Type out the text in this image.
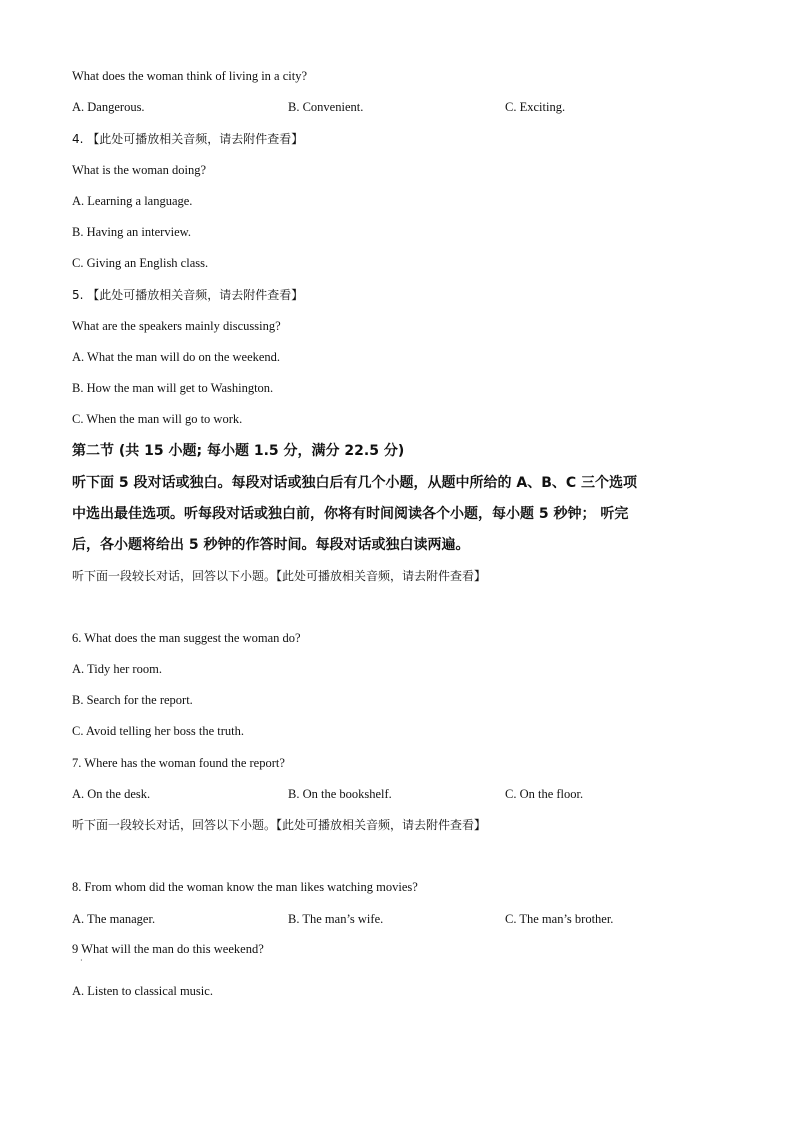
What does the woman think of living in a city?
A. Dangerous.	B. Convenient.	C. Exciting.
4. 【此处可播放相关音频，请去附件查看】
What is the woman doing?
A. Learning a language.
B. Having an interview.
C. Giving an English class.
5. 【此处可播放相关音频，请去附件查看】
What are the speakers mainly discussing?
A. What the man will do on the weekend.
B. How the man will get to Washington.
C. When the man will go to work.
第二节 (共 15 小题; 每小题 1.5 分，满分 22.5 分)
听下面 5 段对话或独白。每段对话或独白后有几个小题，从题中所给的 A、B、C 三个选项
中选出最佳选项。听每段对话或独白前，你将有时间阅读各个小题，每小题 5 秒钟； 听完
后，各小题将给出 5 秒钟的作答时间。每段对话或独白读两遍。
听下面一段较长对话，回答以下小题。【此处可播放相关音频，请去附件查看】
6. What does the man suggest the woman do?
A. Tidy her room.
B. Search for the report.
C. Avoid telling her boss the truth.
7. Where has the woman found the report?
A. On the desk.	B. On the bookshelf.	C. On the floor.
听下面一段较长对话，回答以下小题。【此处可播放相关音频，请去附件查看】
8. From whom did the woman know the man likes watching movies?
A. The manager.	B. The man’s wife.	C. The man’s brother.
9 What will the man do this weekend?
·
A. Listen to classical music.
